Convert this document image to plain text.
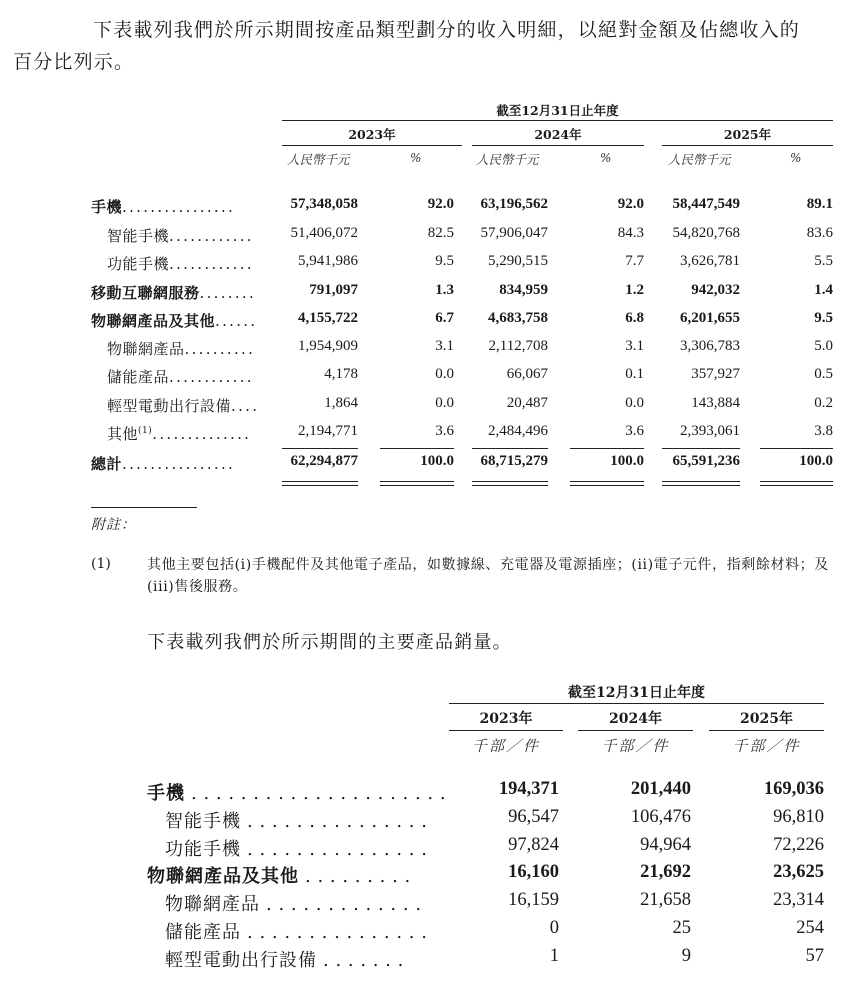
下表載列我們於所示期間按產品類型劃分的收入明細，以絕對金額及佔總收入的
百分比列示。
截至12月31日止年度
2023年	2024年	2025年
人民幣千元	%	人民幣千元	%	人民幣千元	%
手機................	57,348,058	92.0 63,196,562	92.0 58,447,549	89.1
智能手機............ 51,406,072	82.5 57,906,047	84.3 54,820,768	83.6
功能手機............	5,941,986	9.5 5,290,515	7.7 3,626,781	5.5
移動互聯網服務........	791,097	1.3	834,959	1.2	942,032	1.4
物聯網產品及其他......	4,155,722	6.7 4,683,758	6.8 6,201,655	9.5
物聯網產品..........	1,954,909	3.1 2,112,708	3.1 3,306,783	5.0
儲能產品............	4,178	0.0	66,067	0.1	357,927	0.5
輕型電動出行設備....	1,864	0.0	20,487	0.0	143,884	0.2
其他$^{(1)}$..............	2,194,771	3.6 2,484,496	3.6 2,393,061	3.8
總計................	62,294,877	100.0 68,715,279	100.0 65,591,236	100.0
附註：
(1)	其他主要包括(i)手機配件及其他電子產品，如數據線、充電器及電源插座；(ii)電子元件，指剩餘材料；及(iii)售後服務。
下表載列我們於所示期間的主要產品銷量。
截至12月31日止年度
2023年	2024年	2025年
千部／件	千部／件	千部／件
手機 . . . . . . . . . . . . . . . . . . . . .	194,371	201,440	169,036
智能手機 . . . . . . . . . . . . . . .	96,547	106,476	96,810
功能手機 . . . . . . . . . . . . . . .	97,824	94,964	72,226
物聯網產品及其他 . . . . . . . . .	16,160	21,692	23,625
物聯網產品 . . . . . . . . . . . . .	16,159	21,658	23,314
儲能產品 . . . . . . . . . . . . . . .	0	25	254
輕型電動出行設備 . . . . . . .	1	9	57
